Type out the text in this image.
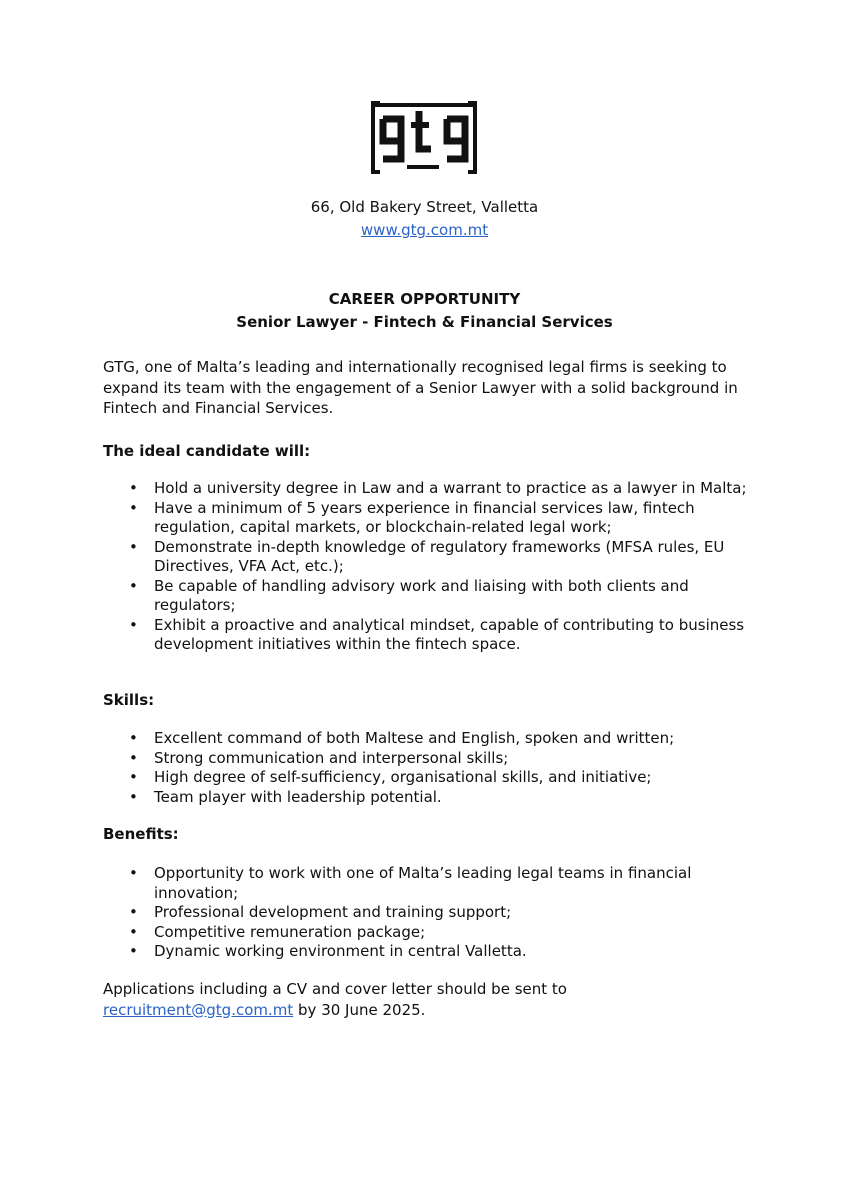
66, Old Bakery Street, Valletta
www.gtg.com.mt
CAREER OPPORTUNITY
Senior Lawyer - Fintech & Financial Services
GTG, one of Malta’s leading and internationally recognised legal firms is seeking to expand its team with the engagement of a Senior Lawyer with a solid background in Fintech and Financial Services.
The ideal candidate will:
• Hold a university degree in Law and a warrant to practice as a lawyer in Malta;
• Have a minimum of 5 years experience in financial services law, fintech regulation, capital markets, or blockchain-related legal work;
• Demonstrate in-depth knowledge of regulatory frameworks (MFSA rules, EU Directives, VFA Act, etc.);
• Be capable of handling advisory work and liaising with both clients and regulators;
• Exhibit a proactive and analytical mindset, capable of contributing to business development initiatives within the fintech space.
Skills:
• Excellent command of both Maltese and English, spoken and written;
• Strong communication and interpersonal skills;
• High degree of self-sufficiency, organisational skills, and initiative;
• Team player with leadership potential.
Benefits:
• Opportunity to work with one of Malta’s leading legal teams in financial innovation;
• Professional development and training support;
• Competitive remuneration package;
• Dynamic working environment in central Valletta.
Applications including a CV and cover letter should be sent to
recruitment@gtg.com.mt by 30 June 2025.
